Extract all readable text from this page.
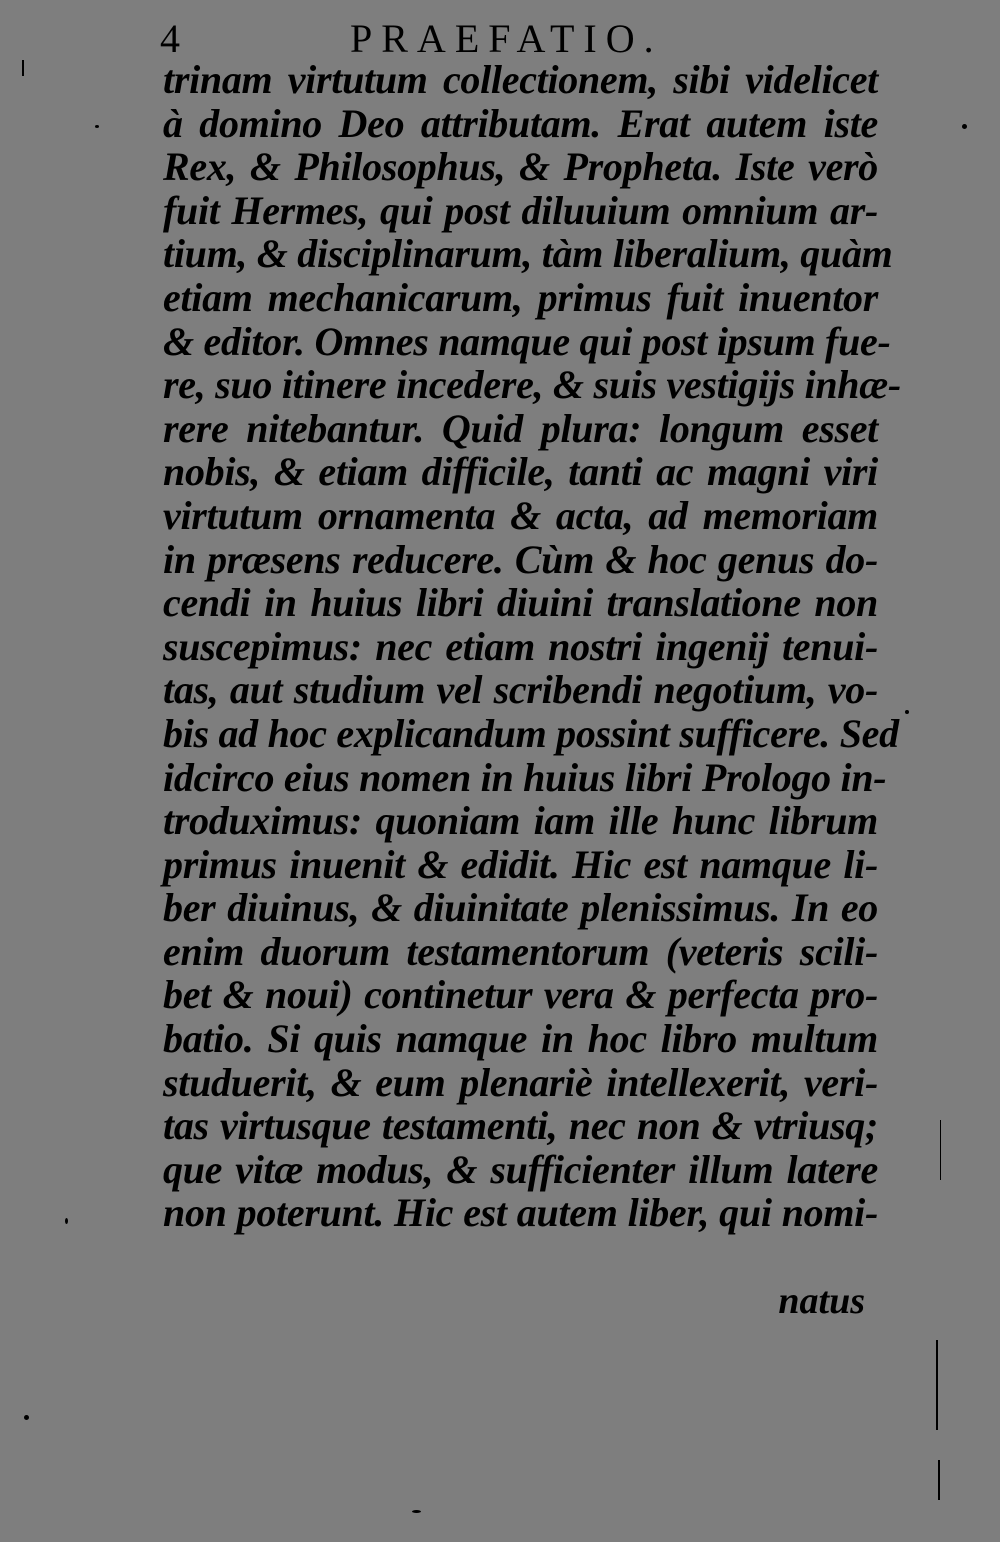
4	PRAEFATIO.
trinam virtutum collectionem, sibi videlicet
à domino Deo attributam. Erat autem iste
Rex, & Philosophus, & Propheta. Iste verò
fuit Hermes, qui post diluuium omnium ar-
tium, & disciplinarum, tàm liberalium, quàm
etiam mechanicarum, primus fuit inuentor
& editor. Omnes namque qui post ipsum fue-
re, suo itinere incedere, & suis vestigijs inhæ-
rere nitebantur. Quid plura: longum esset
nobis, & etiam difficile, tanti ac magni viri
virtutum ornamenta & acta, ad memoriam
in præsens reducere. Cùm & hoc genus do-
cendi in huius libri diuini translatione non
suscepimus: nec etiam nostri ingenij tenui-
tas, aut studium vel scribendi negotium, vo-
bis ad hoc explicandum possint sufficere. Sed
idcirco eius nomen in huius libri Prologo in-
troduximus: quoniam iam ille hunc librum
primus inuenit & edidit. Hic est namque li-
ber diuinus, & diuinitate plenissimus. In eo
enim duorum testamentorum (veteris scili-
bet & noui) continetur vera & perfecta pro-
batio. Si quis namque in hoc libro multum
studuerit, & eum plenariè intellexerit, veri-
tas virtusque testamenti, nec non & vtriusq;
que vitæ modus, & sufficienter illum latere
non poterunt. Hic est autem liber, qui nomi-
natus
